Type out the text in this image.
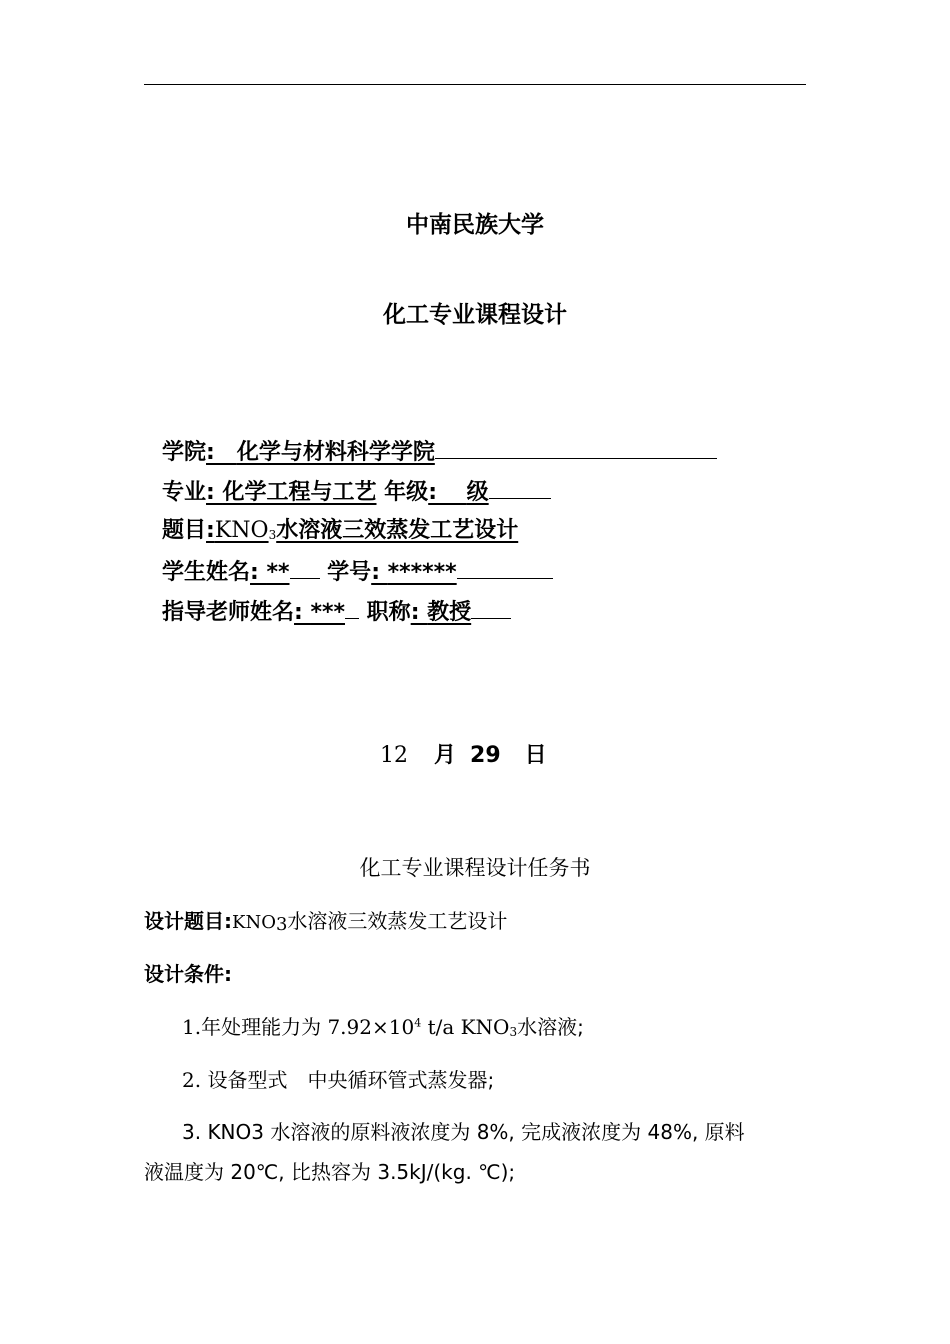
中南民族大学
化工专业课程设计
学院:　化学与材料科学学院
专业: 化学工程与工艺 年级:　 级
题目$:KNO_3$水溶液三效蒸发工艺设计
学生姓名: ** 学号: ******
指导老师姓名: *** 职称: 教授
12 月 29 日
化工专业课程设计任务书
设计题目$:KNO_3$水溶液三效蒸发工艺设计
设计条件:
1.年处理能力为 $7.92\times 10^4$ t/a $KNO_3$水溶液;
2. 设备型式　中央循环管式蒸发器;
3. KNO3 水溶液的原料液浓度为 8%, 完成液浓度为 48%, 原料
液温度为 20℃, 比热容为 3.5kJ/(kg. ℃);
